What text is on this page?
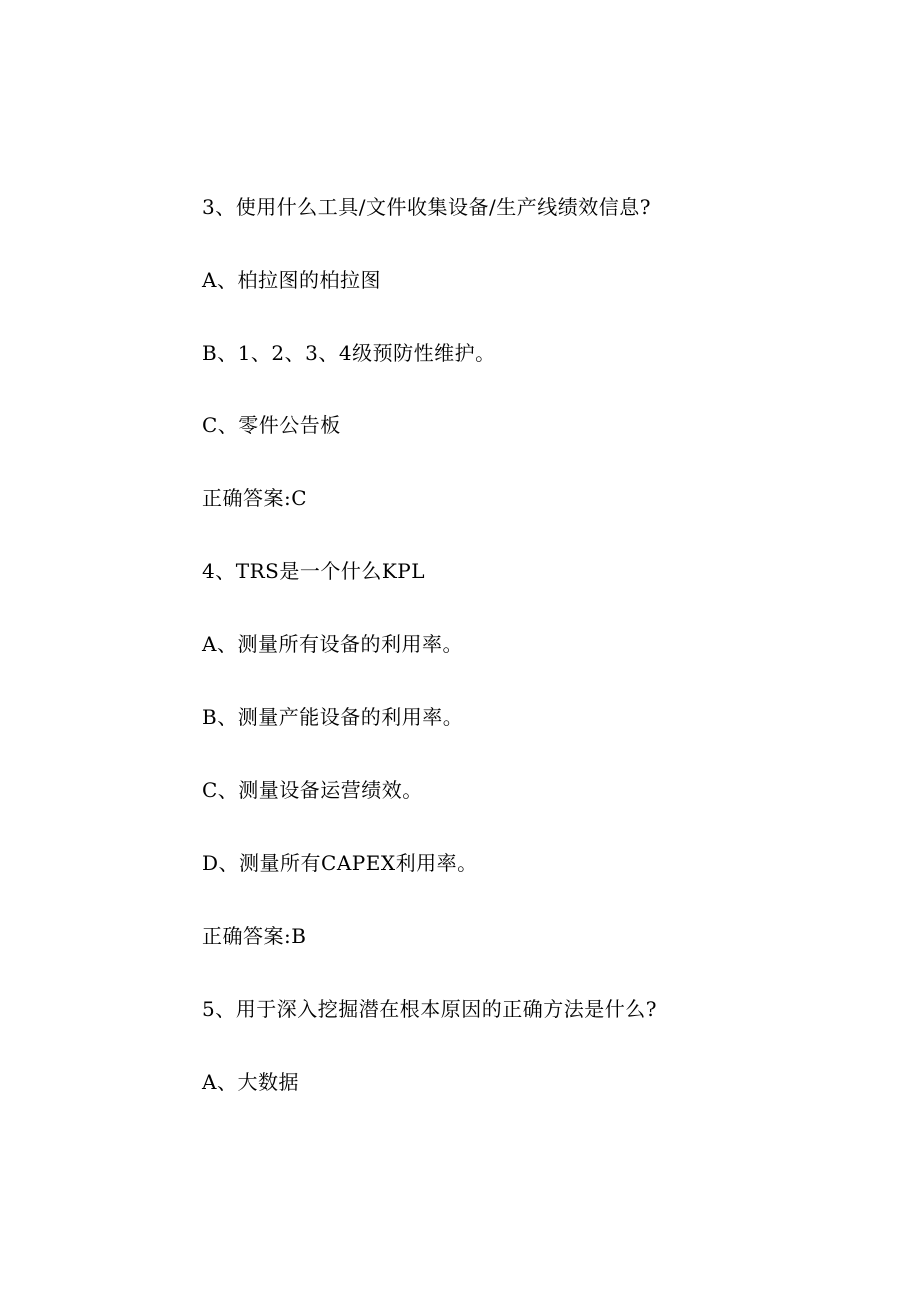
3、使用什么工具/文件收集设备/生产线绩效信息?
A、柏拉图的柏拉图
B、1、2、3、4级预防性维护。
C、零件公告板
正确答案:C
4、TRS是一个什么KPL
A、测量所有设备的利用率。
B、测量产能设备的利用率。
C、测量设备运营绩效。
D、测量所有CAPEX利用率。
正确答案:B
5、用于深入挖掘潜在根本原因的正确方法是什么?
A、大数据
